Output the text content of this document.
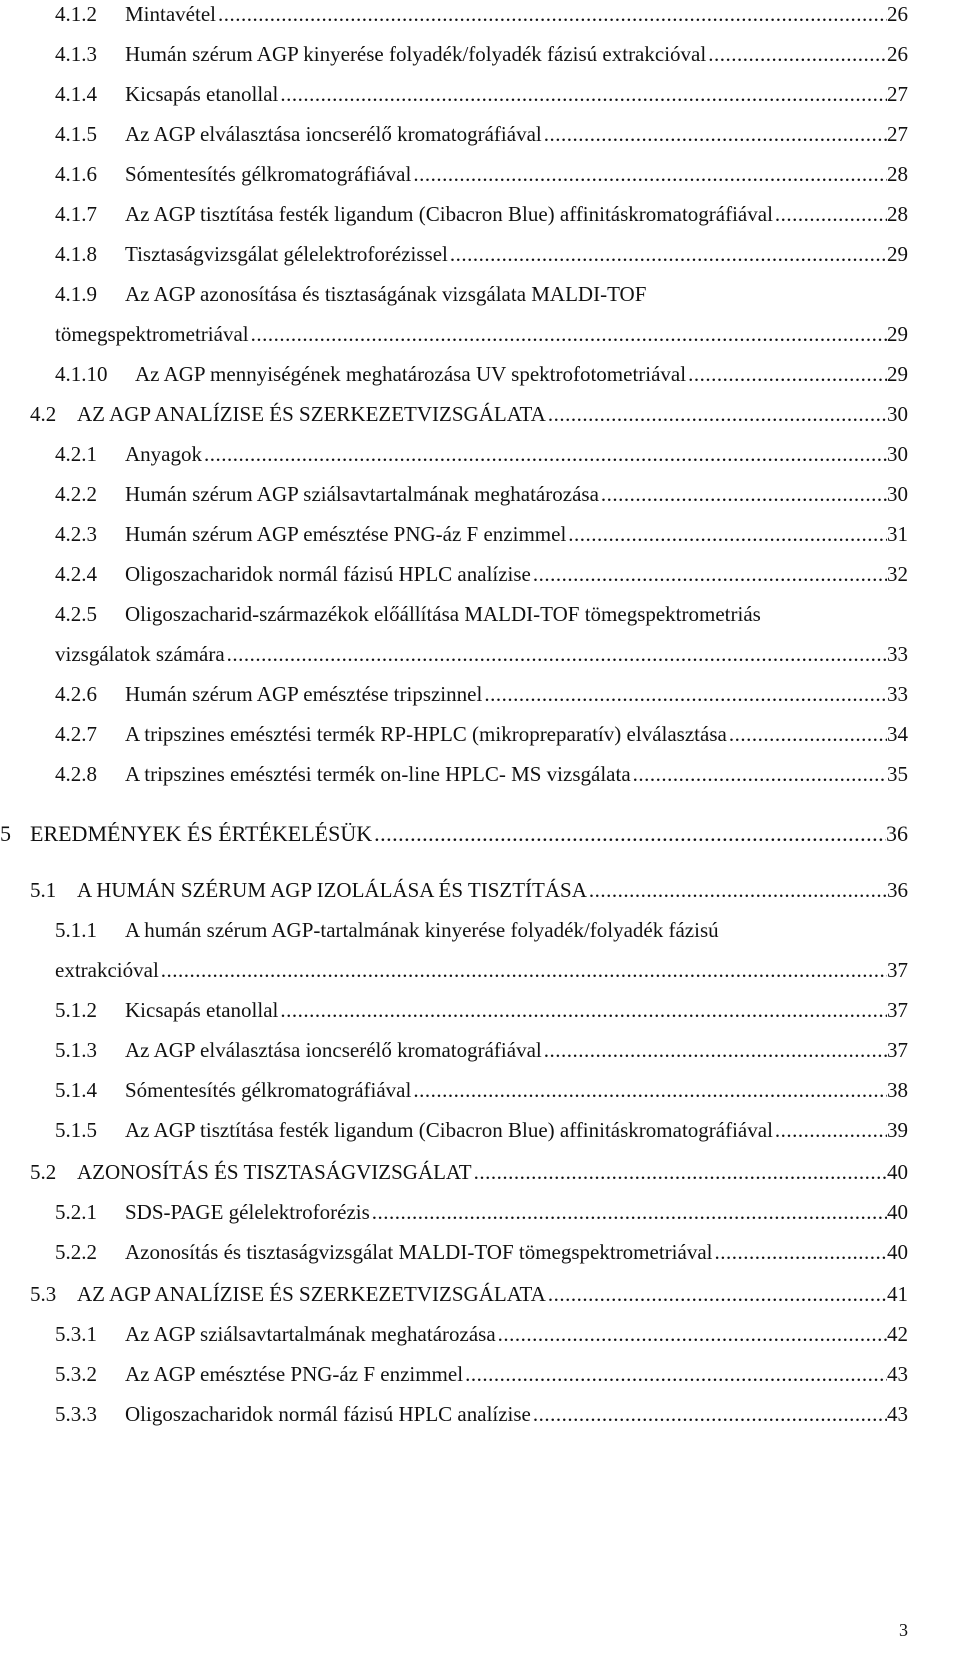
4.1.2	Mintavétel .....	26
4.1.3	Humán szérum AGP kinyerése folyadék/folyadék fázisú extrakcióval .....	26
4.1.4	Kicsapás etanollal .....	27
4.1.5	Az AGP elválasztása ioncserélő kromatográfiával .....	27
4.1.6	Sómentesítés gélkromatográfiával .....	28
4.1.7	Az AGP tisztítása festék ligandum (Cibacron Blue) affinitáskromatográfiával .....	28
4.1.8	Tisztaságvizsgálat gélelektroforézissel .....	29
4.1.9 Az AGP azonosítása és tisztaságának vizsgálata MALDI-TOF
tömegspektrometriával .....	29
4.1.10	Az AGP mennyiségének meghatározása UV spektrofotometriával .....	29
4.2 AZ AGP ANALÍZISE ÉS SZERKEZETVIZSGÁLATA .....	30
4.2.1	Anyagok .....	30
4.2.2	Humán szérum AGP sziálsavtartalmának meghatározása .....	30
4.2.3	Humán szérum AGP emésztése PNG-áz F enzimmel .....	31
4.2.4	Oligoszacharidok normál fázisú HPLC analízise .....	32
4.2.5 Oligoszacharid-származékok előállítása MALDI-TOF tömegspektrometriás
vizsgálatok számára .....	33
4.2.6	Humán szérum AGP emésztése tripszinnel .....	33
4.2.7	A tripszines emésztési termék RP-HPLC (mikropreparatív) elválasztása .....	34
4.2.8	A tripszines emésztési termék on-line HPLC- MS vizsgálata .....	35
5 EREDMÉNYEK ÉS ÉRTÉKELÉSÜK .....	36
5.1 A HUMÁN SZÉRUM AGP IZOLÁLÁSA ÉS TISZTÍTÁSA .....	36
5.1.1 A humán szérum AGP-tartalmának kinyerése folyadék/folyadék fázisú
extrakcióval .....	37
5.1.2	Kicsapás etanollal .....	37
5.1.3	Az AGP elválasztása ioncserélő kromatográfiával .....	37
5.1.4	Sómentesítés gélkromatográfiával .....	38
5.1.5	Az AGP tisztítása festék ligandum (Cibacron Blue) affinitáskromatográfiával .....	39
5.2 AZONOSÍTÁS ÉS TISZTASÁGVIZSGÁLAT .....	40
5.2.1	SDS-PAGE gélelektroforézis .....	40
5.2.2	Azonosítás és tisztaságvizsgálat MALDI-TOF tömegspektrometriával .....	40
5.3 AZ AGP ANALÍZISE ÉS SZERKEZETVIZSGÁLATA .....	41
5.3.1	Az AGP sziálsavtartalmának meghatározása .....	42
5.3.2	Az AGP emésztése PNG-áz F enzimmel .....	43
5.3.3	Oligoszacharidok normál fázisú HPLC analízise .....	43
3
